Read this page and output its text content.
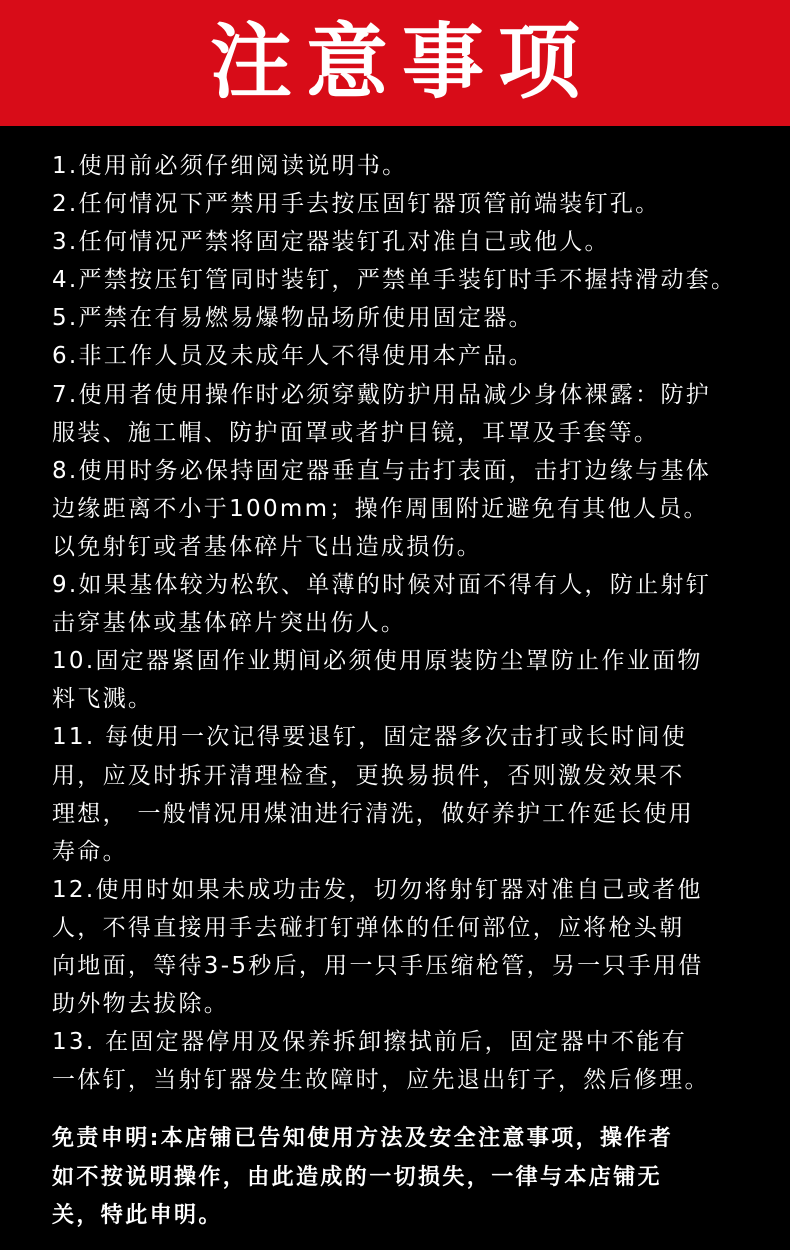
注意事项
1.使用前必须仔细阅读说明书。
2.任何情况下严禁用手去按压固钉器顶管前端装钉孔。
3.任何情况严禁将固定器装钉孔对准自己或他人。
4.严禁按压钉管同时装钉，严禁单手装钉时手不握持滑动套。
5.严禁在有易燃易爆物品场所使用固定器。
6.非工作人员及未成年人不得使用本产品。
7.使用者使用操作时必须穿戴防护用品减少身体裸露：防护
服装、施工帽、防护面罩或者护目镜，耳罩及手套等。
8.使用时务必保持固定器垂直与击打表面，击打边缘与基体
边缘距离不小于100mm；操作周围附近避免有其他人员。
以免射钉或者基体碎片飞出造成损伤。
9.如果基体较为松软、单薄的时候对面不得有人，防止射钉
击穿基体或基体碎片突出伤人。
10.固定器紧固作业期间必须使用原装防尘罩防止作业面物
料飞溅。
11. 每使用一次记得要退钉，固定器多次击打或长时间使
用，应及时拆开清理检查，更换易损件，否则激发效果不
理想， 一般情况用煤油进行清洗，做好养护工作延长使用
寿命。
12.使用时如果未成功击发，切勿将射钉器对准自己或者他
人，不得直接用手去碰打钉弹体的任何部位，应将枪头朝
向地面，等待3-5秒后，用一只手压缩枪管，另一只手用借
助外物去拔除。
13. 在固定器停用及保养拆卸擦拭前后，固定器中不能有
一体钉，当射钉器发生故障时，应先退出钉子，然后修理。
免责申明:本店铺已告知使用方法及安全注意事项，操作者
如不按说明操作，由此造成的一切损失，一律与本店铺无
关，特此申明。
